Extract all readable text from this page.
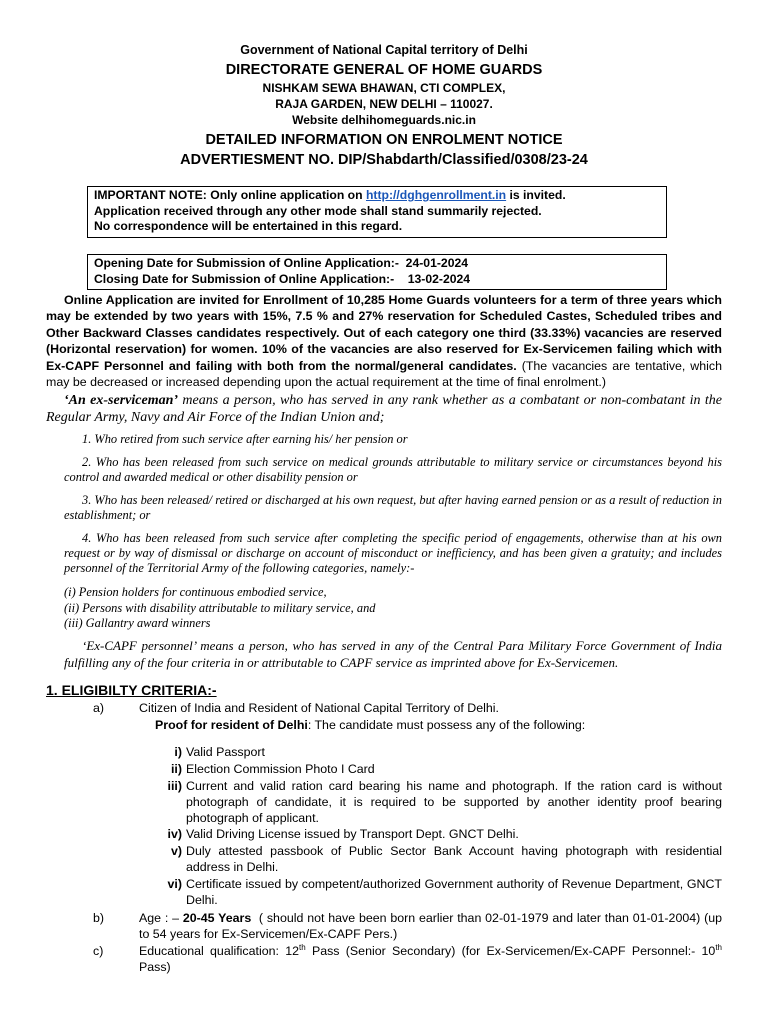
Government of National Capital territory of Delhi
DIRECTORATE GENERAL OF HOME GUARDS
NISHKAM SEWA BHAWAN, CTI COMPLEX,
RAJA GARDEN, NEW DELHI – 110027.
Website delhihomeguards.nic.in
DETAILED INFORMATION ON ENROLMENT NOTICE
ADVERTIESMENT NO. DIP/Shabdarth/Classified/0308/23-24
IMPORTANT NOTE: Only online application on http://dghgenrollment.in is invited.
Application received through any other mode shall stand summarily rejected.
No correspondence will be entertained in this regard.
Opening Date for Submission of Online Application:-  24-01-2024
Closing Date for Submission of Online Application:-    13-02-2024
Online Application are invited for Enrollment of 10,285 Home Guards volunteers for a term of three years which may be extended by two years with 15%, 7.5 % and 27% reservation for Scheduled Castes, Scheduled tribes and Other Backward Classes candidates respectively. Out of each category one third (33.33%) vacancies are reserved (Horizontal reservation) for women. 10% of the vacancies are also reserved for Ex-Servicemen failing which with Ex-CAPF Personnel and failing with both from the normal/general candidates. (The vacancies are tentative, which may be decreased or increased depending upon the actual requirement at the time of final enrolment.)
‘An ex-serviceman’ means a person, who has served in any rank whether as a combatant or non-combatant in the Regular Army, Navy and Air Force of the Indian Union and;
1. Who retired from such service after earning his/ her pension or
2. Who has been released from such service on medical grounds attributable to military service or circumstances beyond his control and awarded medical or other disability pension or
3. Who has been released/ retired or discharged at his own request, but after having earned pension or as a result of reduction in establishment; or
4. Who has been released from such service after completing the specific period of engagements, otherwise than at his own request or by way of dismissal or discharge on account of misconduct or inefficiency, and has been given a gratuity; and includes personnel of the Territorial Army of the following categories, namely:-
(i) Pension holders for continuous embodied service,
(ii) Persons with disability attributable to military service, and
(iii) Gallantry award winners
‘Ex-CAPF personnel’ means a person, who has served in any of the Central Para Military Force Government of India fulfilling any of the four criteria in or attributable to CAPF service as imprinted above for Ex-Servicemen.
1. ELIGIBILTY CRITERIA:-
a)	Citizen of India and Resident of National Capital Territory of Delhi.
Proof for resident of Delhi: The candidate must possess any of the following:
i) Valid Passport
ii) Election Commission Photo I Card
iii) Current and valid ration card bearing his name and photograph. If the ration card is without photograph of candidate, it is required to be supported by another identity proof bearing photograph of applicant.
iv) Valid Driving License issued by Transport Dept. GNCT Delhi.
v) Duly attested passbook of Public Sector Bank Account having photograph with residential address in Delhi.
vi) Certificate issued by competent/authorized Government authority of Revenue Department, GNCT Delhi.
b)	Age : – 20-45 Years  ( should not have been born earlier than 02-01-1979 and later than 01-01-2004) (up to 54 years for Ex-Servicemen/Ex-CAPF Pers.)
c)	Educational qualification: 12th Pass (Senior Secondary) (for Ex-Servicemen/Ex-CAPF Personnel:- 10th Pass)
